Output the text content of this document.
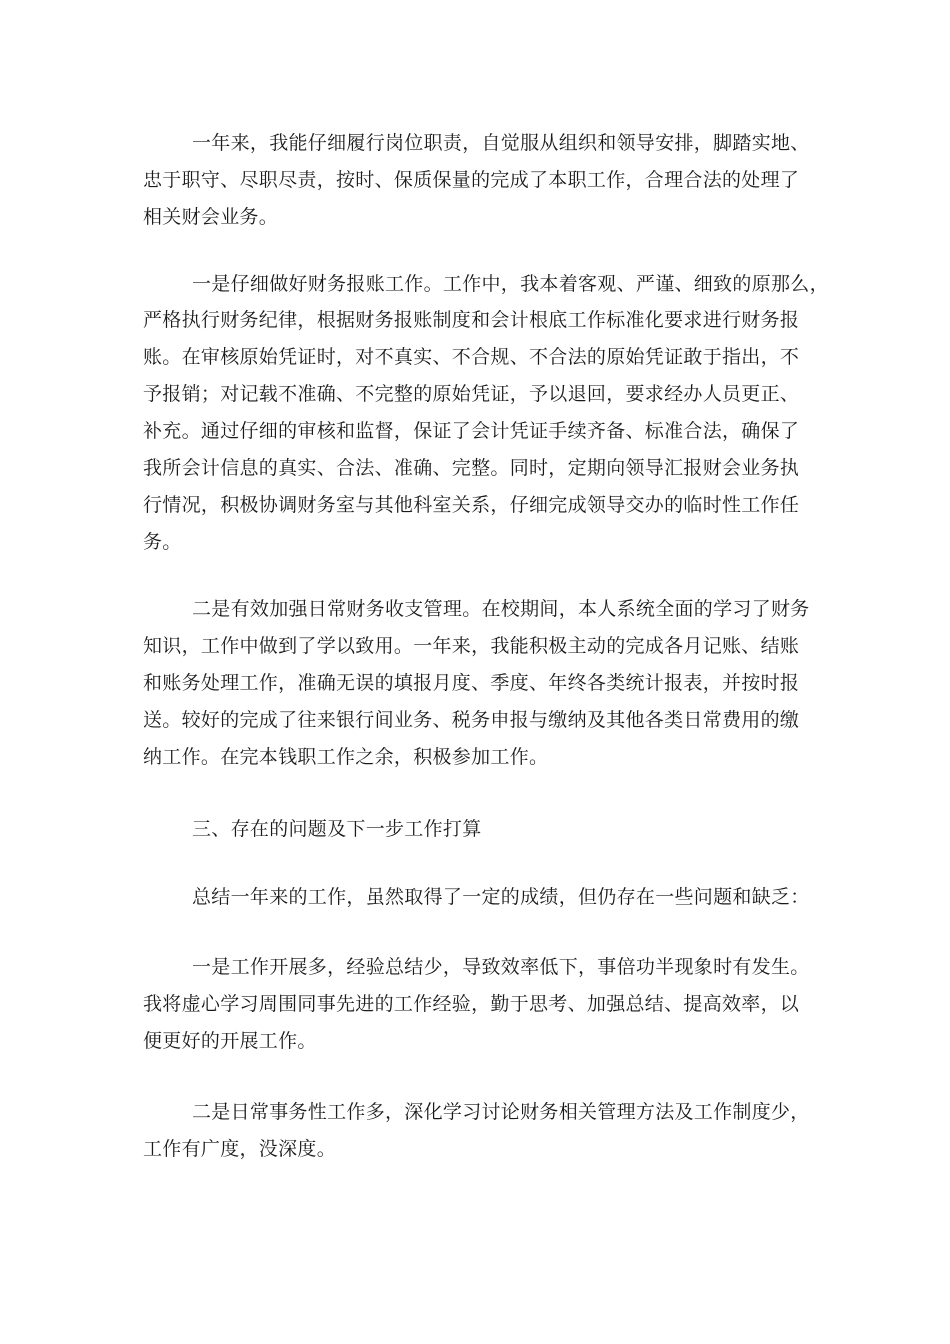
一年来，我能仔细履行岗位职责，自觉服从组织和领导安排，脚踏实地、
忠于职守、尽职尽责，按时、保质保量的完成了本职工作，合理合法的处理了
相关财会业务。
一是仔细做好财务报账工作。工作中，我本着客观、严谨、细致的原那么，
严格执行财务纪律，根据财务报账制度和会计根底工作标准化要求进行财务报
账。在审核原始凭证时，对不真实、不合规、不合法的原始凭证敢于指出，不
予报销；对记载不准确、不完整的原始凭证，予以退回，要求经办人员更正、
补充。通过仔细的审核和监督，保证了会计凭证手续齐备、标准合法，确保了
我所会计信息的真实、合法、准确、完整。同时，定期向领导汇报财会业务执
行情况，积极协调财务室与其他科室关系，仔细完成领导交办的临时性工作任
务。
二是有效加强日常财务收支管理。在校期间，本人系统全面的学习了财务
知识，工作中做到了学以致用。一年来，我能积极主动的完成各月记账、结账
和账务处理工作，准确无误的填报月度、季度、年终各类统计报表，并按时报
送。较好的完成了往来银行间业务、税务申报与缴纳及其他各类日常费用的缴
纳工作。在完本钱职工作之余，积极参加工作。
三、存在的问题及下一步工作打算
总结一年来的工作，虽然取得了一定的成绩，但仍存在一些问题和缺乏：
一是工作开展多，经验总结少，导致效率低下，事倍功半现象时有发生。
我将虚心学习周围同事先进的工作经验，勤于思考、加强总结、提高效率，以
便更好的开展工作。
二是日常事务性工作多，深化学习讨论财务相关管理方法及工作制度少，
工作有广度，没深度。
